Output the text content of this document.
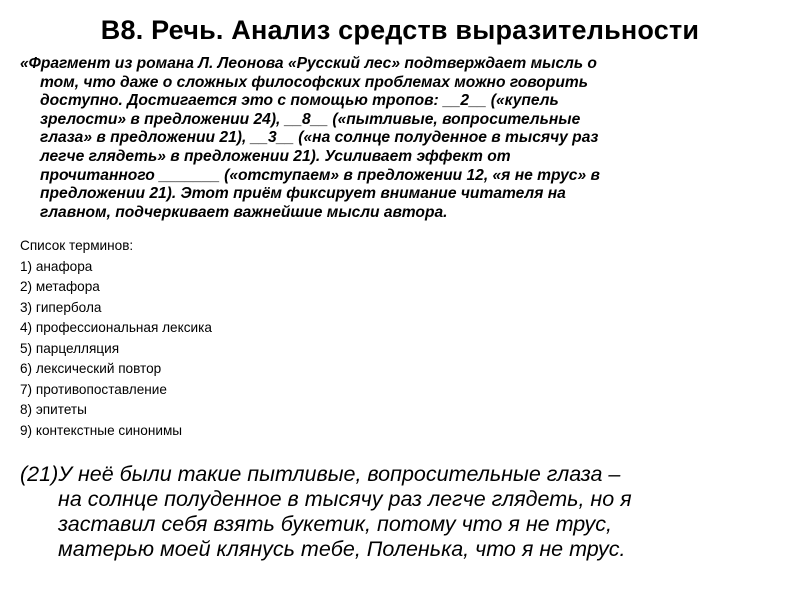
В8. Речь. Анализ средств выразительности
«Фрагмент из романа Л. Леонова «Русский лес» подтверждает мысль о
том, что даже о сложных философских проблемах можно говорить
доступно. Достигается это с помощью тропов: __2__ («купель
зрелости» в предложении 24), __8__ («пытливые, вопросительные
глаза» в предложении 21), __3__ («на солнце полуденное в тысячу раз
легче глядеть» в предложении 21). Усиливает эффект от
прочитанного _______ («отступаем» в предложении 12, «я не трус» в
предложении 21). Этот приём фиксирует внимание читателя на
главном, подчеркивает важнейшие мысли автора.
Список терминов:
1) анафора
2) метафора
3) гипербола
4) профессиональная лексика
5) парцелляция
6) лексический повтор
7) противопоставление
8) эпитеты
9) контекстные синонимы
(21)У неё были такие пытливые, вопросительные глаза –
на солнце полуденное в тысячу раз легче глядеть, но я
заставил себя взять букетик, потому что я не трус,
матерью моей клянусь тебе, Поленька, что я не трус.
